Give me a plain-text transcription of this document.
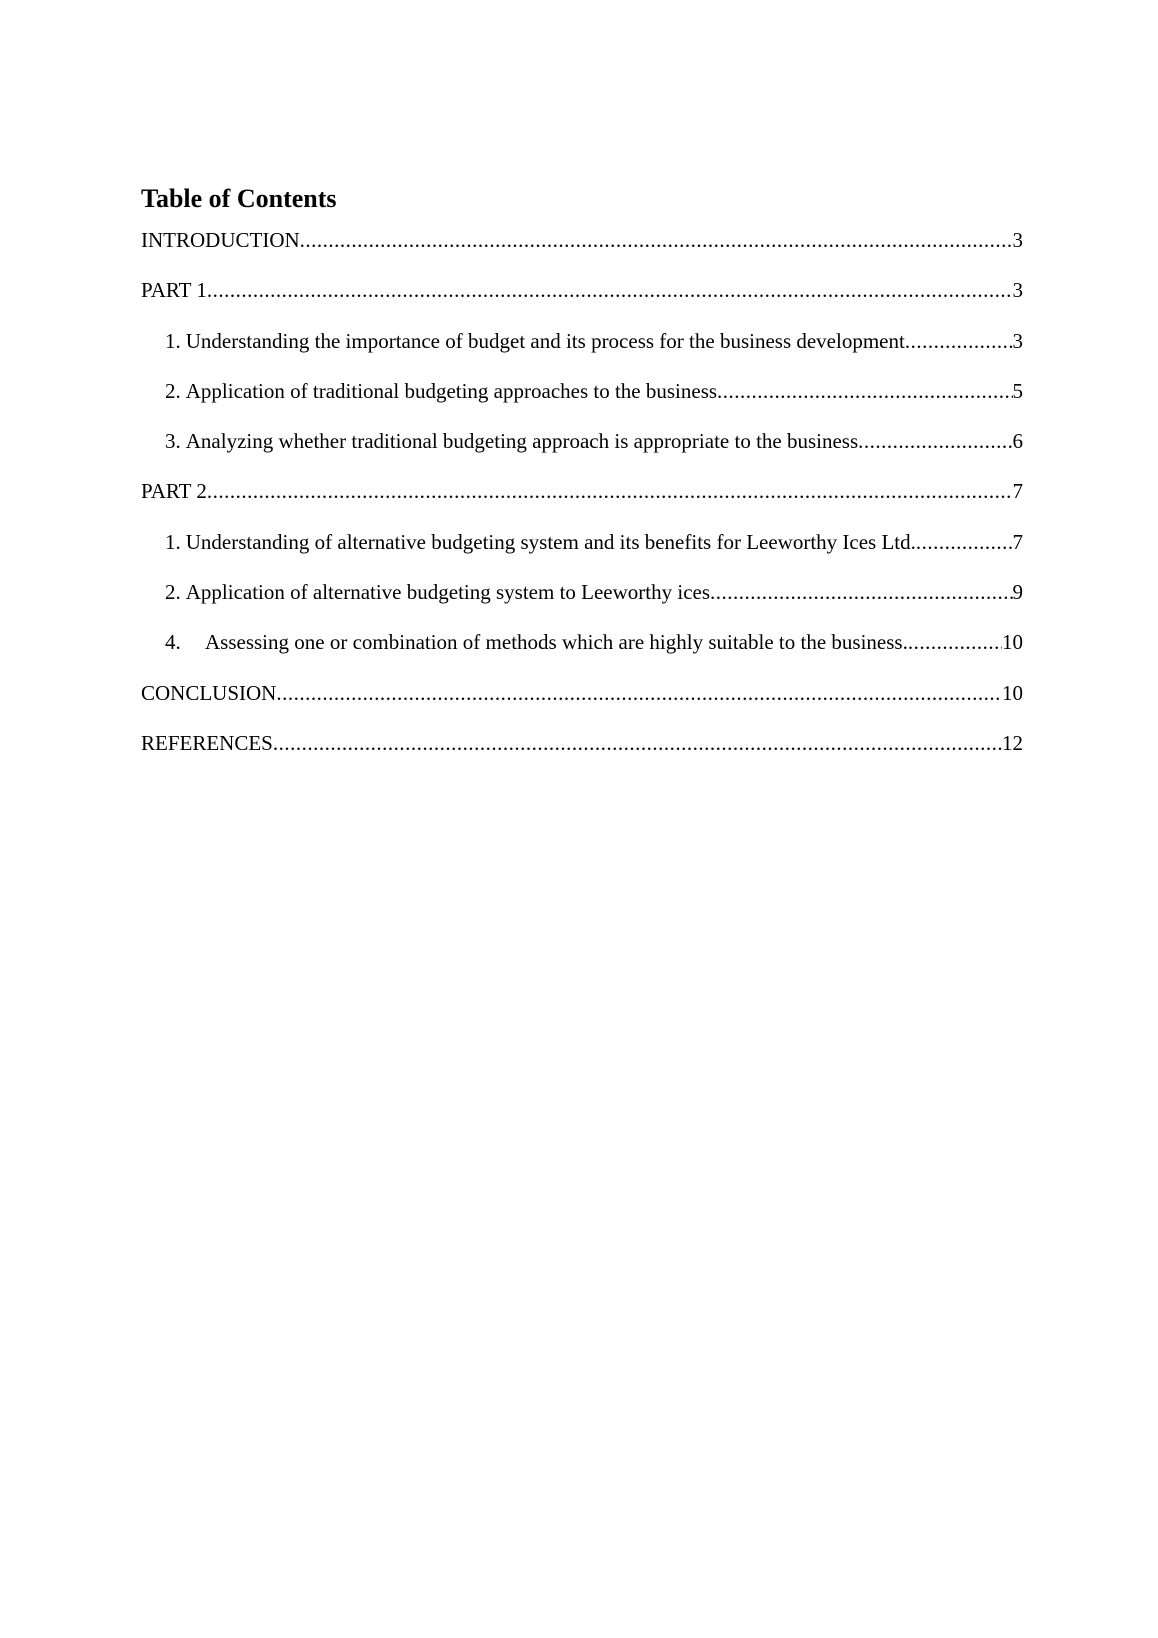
Table of Contents
INTRODUCTION .....	3
PART 1 .....	3
1. Understanding the importance of budget and its process for the business development .....	3
2. Application of traditional budgeting approaches to the business .....	5
3. Analyzing whether traditional budgeting approach is appropriate to the business .....	6
PART 2 .....	7
1. Understanding of alternative budgeting system and its benefits for Leeworthy Ices Ltd. .....	7
2. Application of alternative budgeting system to Leeworthy ices .....	9
4.	Assessing one or combination of methods which are highly suitable to the business. .....	10
CONCLUSION .....	10
REFERENCES .....	12
